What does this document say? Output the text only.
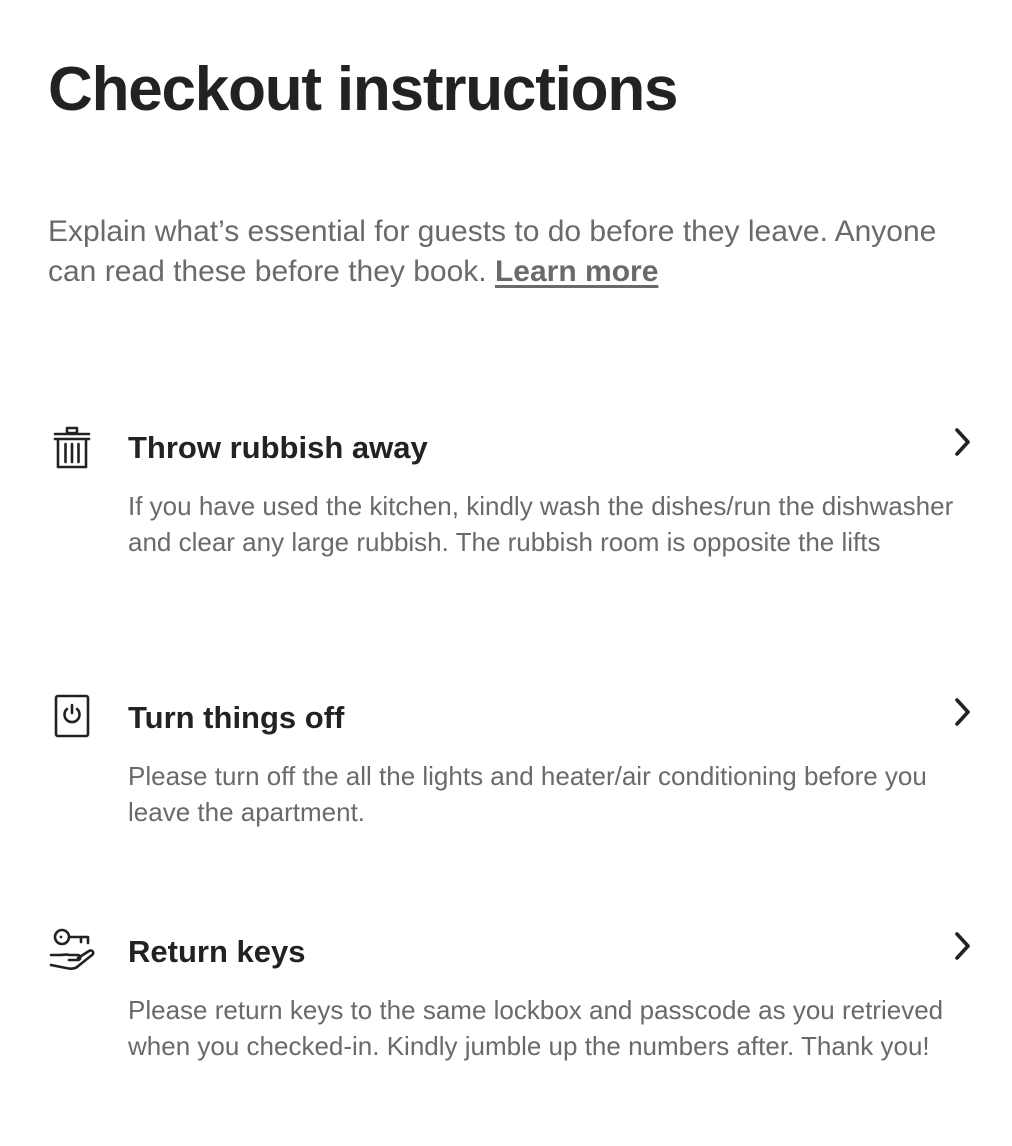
Checkout instructions

Explain what’s essential for guests to do before they leave. Anyone can read these before they book. Learn more

Throw rubbish away

If you have used the kitchen, kindly wash the dishes/run the dishwasher and clear any large rubbish. The rubbish room is opposite the lifts

Turn things off

Please turn off the all the lights and heater/air conditioning before you leave the apartment.

Return keys

Please return keys to the same lockbox and passcode as you retrieved when you checked-in. Kindly jumble up the numbers after. Thank you!
